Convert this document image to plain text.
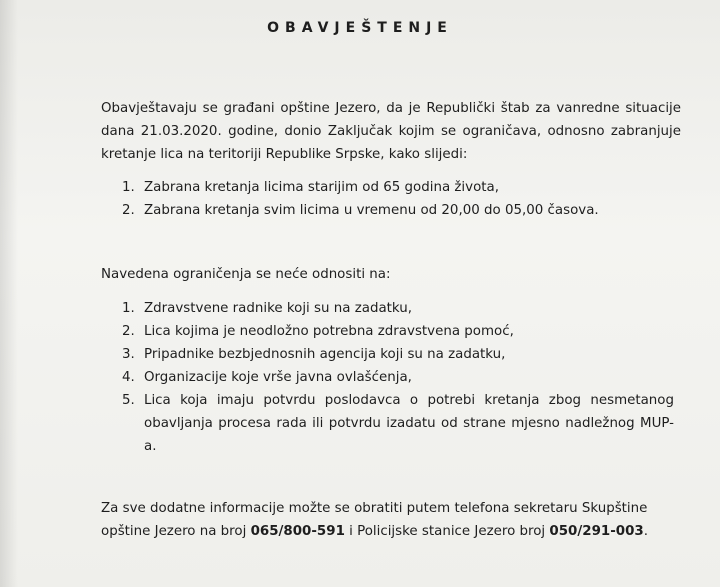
OBAVJEŠTENJE
Obavještavaju se građani opštine Jezero, da je Republički štab za vanredne situacije dana 21.03.2020. godine, donio Zaključak kojim se ograničava, odnosno zabranjuje kretanje lica na teritoriji Republike Srpske, kako slijedi:
1. Zabrana kretanja licima starijim od 65 godina života,
2. Zabrana kretanja svim licima u vremenu od 20,00 do 05,00 časova.
Navedena ograničenja se neće odnositi na:
1. Zdravstvene radnike koji su na zadatku,
2. Lica kojima je neodložno potrebna zdravstvena pomoć,
3. Pripadnike bezbjednosnih agencija koji su na zadatku,
4. Organizacije koje vrše javna ovlašćenja,
5. Lica koja imaju potvrdu poslodavca o potrebi kretanja zbog nesmetanog obavljanja procesa rada ili potvrdu izadatu od strane mjesno nadležnog MUP-a.
Za sve dodatne informacije možte se obratiti putem telefona sekretaru Skupštine opštine Jezero na broj 065/800-591 i Policijske stanice Jezero broj 050/291-003.
